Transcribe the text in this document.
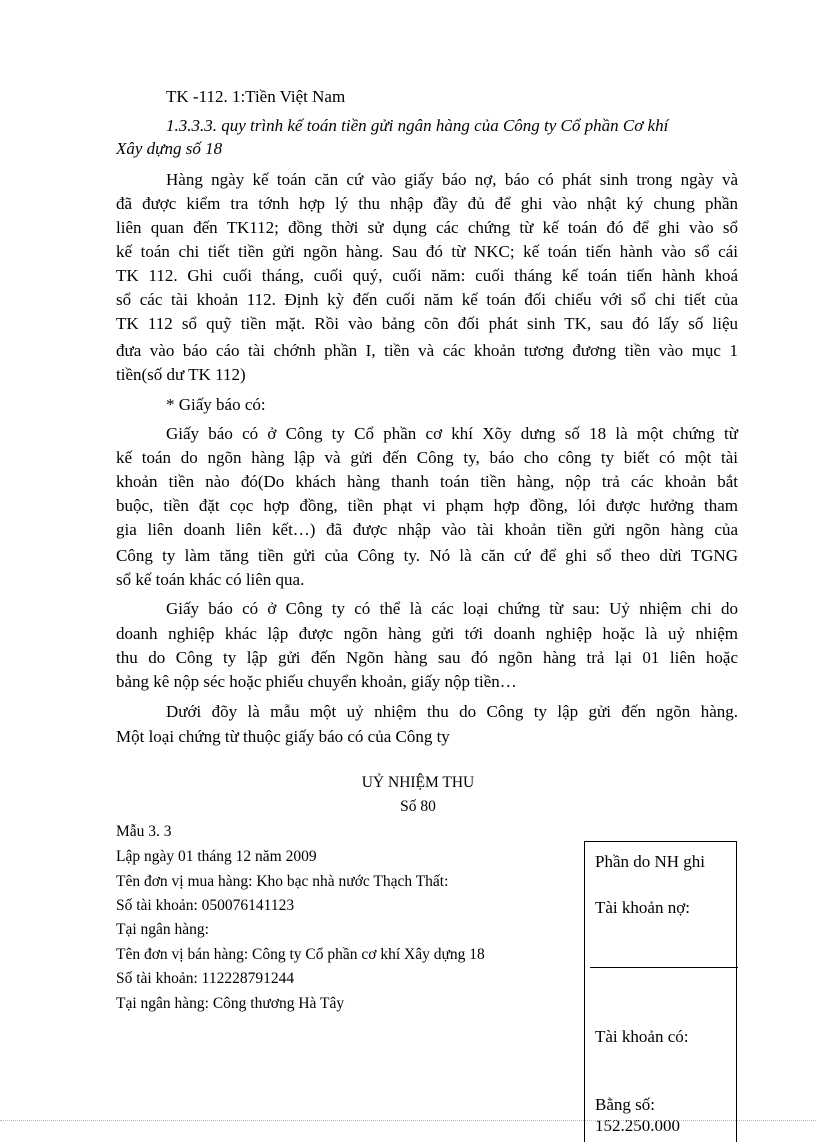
TK -112. 1:Tiền Việt Nam
1.3.3.3. quy trình kế toán tiền gửi ngân hàng của Công ty Cổ phần Cơ khí
Xây dựng số 18
Hàng ngày kế toán căn cứ vào giấy báo nợ, báo có phát sinh trong ngày và
đã được kiểm tra tớnh hợp lý thu nhập đầy đủ để ghi vào nhật ký chung phần
liên quan đến TK112; đồng thời sử dụng các chứng từ kế toán đó để ghi vào sổ
kế toán chi tiết tiền gửi ngõn hàng. Sau đó từ NKC; kế toán tiến hành vào sổ cái
TK 112. Ghi cuối tháng, cuối quý, cuối năm: cuối tháng kế toán tiến hành khoá
sổ các tài khoản 112. Định kỳ đến cuối năm kế toán đối chiếu với sổ chi tiết của
TK 112 sổ quỹ tiền mặt. Rồi vào bảng cõn đối phát sinh TK, sau đó lấy số liệu
đưa vào báo cáo tài chớnh phần I, tiền và các khoản tương đương tiền vào mục 1
tiền(số dư TK 112)
* Giấy báo có:
Giấy báo có ở Công ty Cổ phần cơ khí Xõy dưng số 18 là một chứng từ
kế toán do ngõn hàng lập và gửi đến Công ty, báo cho công ty biết có một tài
khoản tiền nào đó(Do khách hàng thanh toán tiền hàng, nộp trả các khoản bắt
buộc, tiền đặt cọc hợp đồng, tiền phạt vi phạm hợp đồng, lói được hưởng tham
gia liên doanh liên kết…) đã được nhập vào tài khoản tiền gửi ngõn hàng của
Công ty làm tăng tiền gửi của Công ty. Nó là căn cứ để ghi sổ theo dừi TGNG
sổ kế toán khác có liên qua.
Giấy báo có ở Công ty có thể là các loại chứng từ sau: Uỷ nhiệm chi do
doanh nghiệp khác lập được ngõn hàng gửi tới doanh nghiệp hoặc là uỷ nhiệm
thu do Công ty lập gửi đến Ngõn hàng sau đó ngõn hàng trả lại 01 liên hoặc
bảng kê nộp séc hoặc phiếu chuyển khoản, giấy nộp tiền…
Dưới đõy là mẫu một uỷ nhiệm thu do Công ty lập gửi đến ngõn hàng.
Một loại chứng từ thuộc giấy báo có của Công ty
UỶ NHIỆM THU
Số 80
Mẫu 3. 3
Lập ngày 01 tháng 12 năm 2009
Tên đơn vị mua hàng: Kho bạc nhà nước Thạch Thất:
Số tài khoản: 050076141123
Tại ngân hàng:
Tên đơn vị bán hàng: Công ty Cổ phần cơ khí Xây dựng 18
Số tài khoản: 112228791244
Tại ngân hàng: Công thương Hà Tây
Phần do NH ghi
Tài khoản nợ:
Tài khoản có:
Bằng số:
152.250.000
